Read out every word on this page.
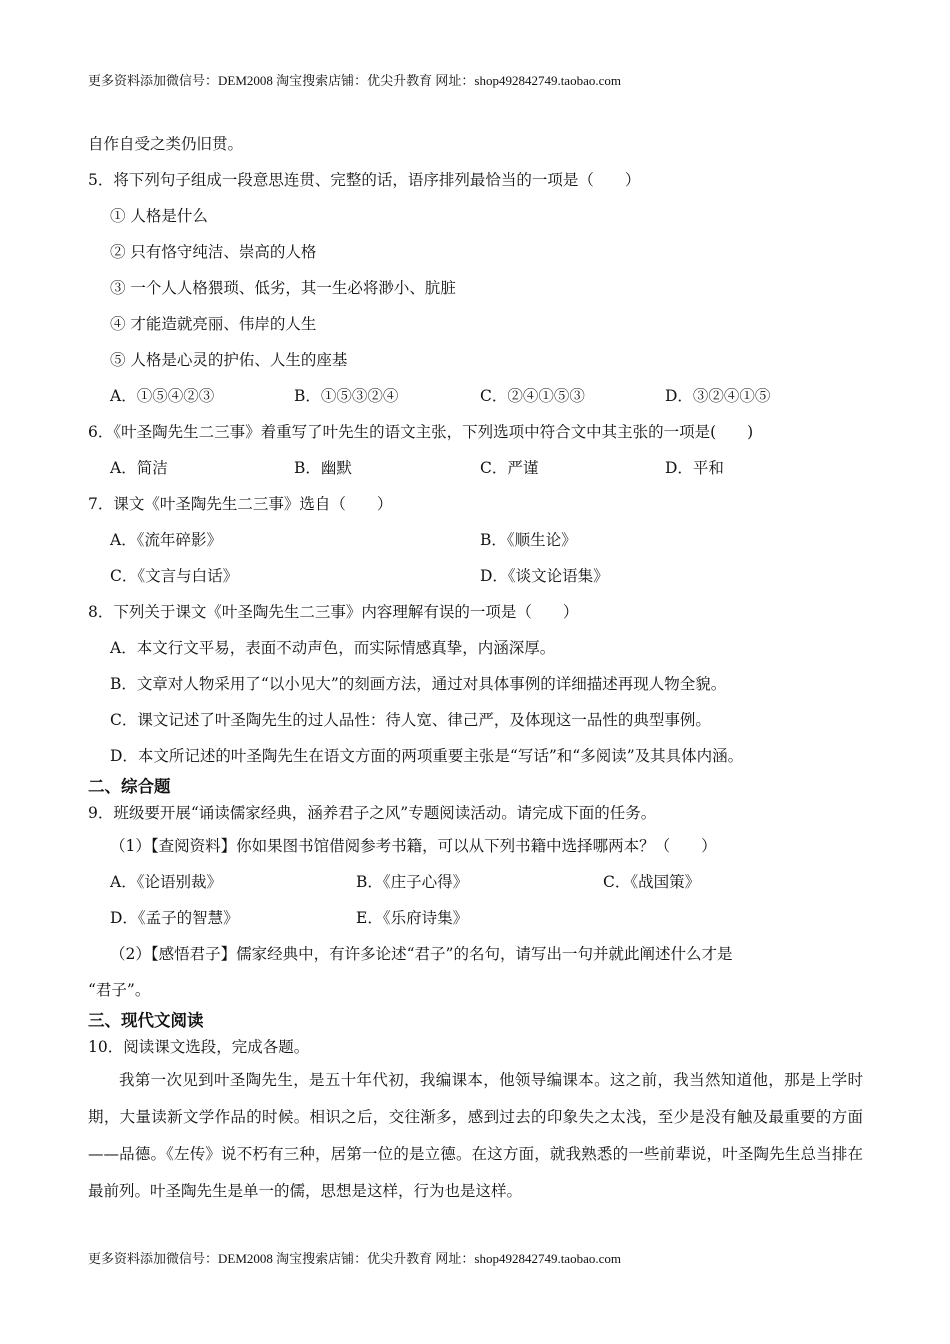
更多资料添加微信号：DEM2008 淘宝搜索店铺：优尖升教育 网址：shop492842749.taobao.com
自作自受之类仍旧贯。
5．将下列句子组成一段意思连贯、完整的话，语序排列最恰当的一项是（　　）
① 人格是什么
② 只有恪守纯洁、崇高的人格
③ 一个人人格猥琐、低劣，其一生必将渺小、肮脏
④ 才能造就亮丽、伟岸的人生
⑤ 人格是心灵的护佑、人生的座基
A．①⑤④②③	B．①⑤③②④	C．②④①⑤③	D．③②④①⑤
6．《叶圣陶先生二三事》着重写了叶先生的语文主张，下列选项中符合文中其主张的一项是(　　)
A．简洁	B．幽默	C．严谨	D．平和
7．课文《叶圣陶先生二三事》选自（　　）
A．《流年碎影》	B．《顺生论》
C．《文言与白话》	D．《谈文论语集》
8．下列关于课文《叶圣陶先生二三事》内容理解有误的一项是（　　）
A．本文行文平易，表面不动声色，而实际情感真挚，内涵深厚。
B．文章对人物采用了“以小见大”的刻画方法，通过对具体事例的详细描述再现人物全貌。
C．课文记述了叶圣陶先生的过人品性：待人宽、律己严，及体现这一品性的典型事例。
D．本文所记述的叶圣陶先生在语文方面的两项重要主张是“写话”和“多阅读”及其具体内涵。
二、综合题
9．班级要开展“诵读儒家经典，涵养君子之风”专题阅读活动。请完成下面的任务。
（1）【查阅资料】你如果图书馆借阅参考书籍，可以从下列书籍中选择哪两本？（　　）
A．《论语别裁》	B．《庄子心得》	C．《战国策》
D．《孟子的智慧》	E．《乐府诗集》
（2）【感悟君子】儒家经典中，有许多论述“君子”的名句，请写出一句并就此阐述什么才是
“君子”。
三、现代文阅读
10．阅读课文选段，完成各题。
我第一次见到叶圣陶先生，是五十年代初，我编课本，他领导编课本。这之前，我当然知道他，那是上学时期，大量读新文学作品的时候。相识之后，交往渐多，感到过去的印象失之太浅，至少是没有触及最重要的方面——品德。《左传》说不朽有三种，居第一位的是立德。在这方面，就我熟悉的一些前辈说，叶圣陶先生总当排在最前列。叶圣陶先生是单一的儒，思想是这样，行为也是这样。
更多资料添加微信号：DEM2008 淘宝搜索店铺：优尖升教育 网址：shop492842749.taobao.com
